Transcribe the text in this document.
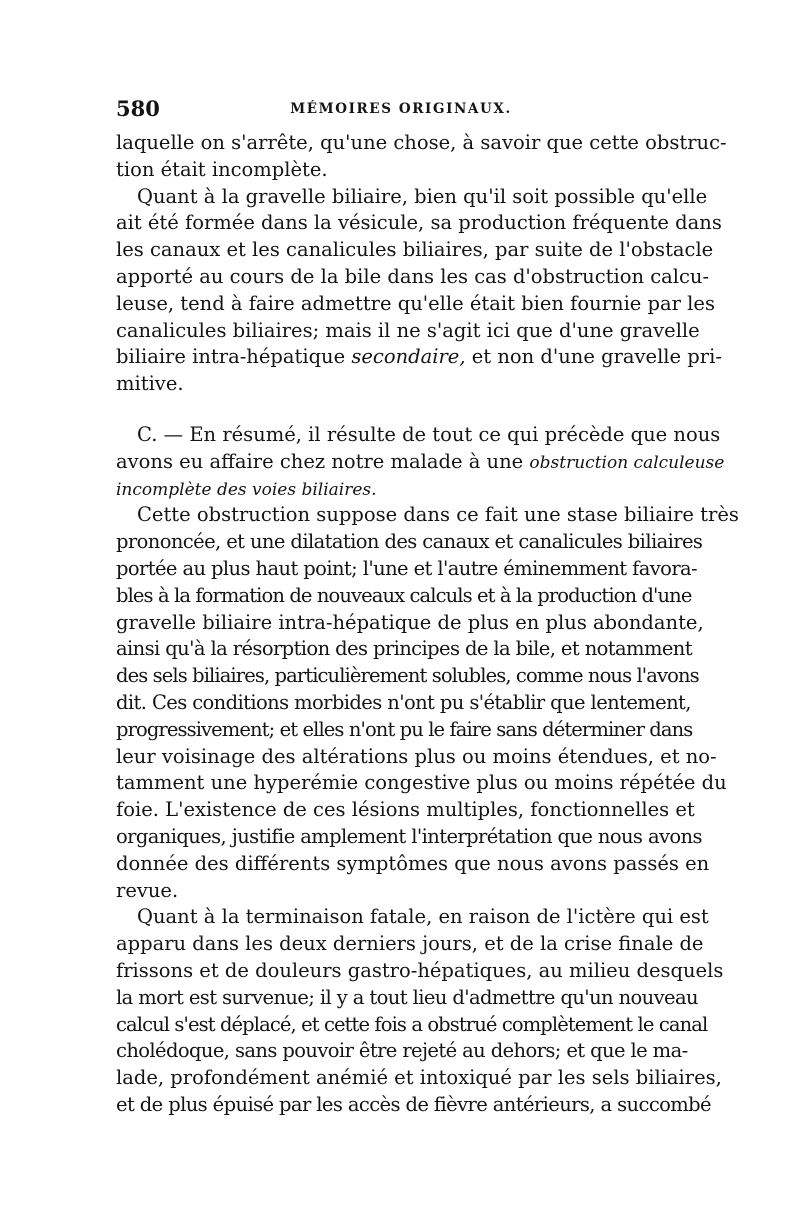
580	MÉMOIRES ORIGINAUX.
laquelle on s'arrête, qu'une chose, à savoir que cette obstruc-
tion était incomplète.
Quant à la gravelle biliaire, bien qu'il soit possible qu'elle
ait été formée dans la vésicule, sa production fréquente dans
les canaux et les canalicules biliaires, par suite de l'obstacle
apporté au cours de la bile dans les cas d'obstruction calcu-
leuse, tend à faire admettre qu'elle était bien fournie par les
canalicules biliaires; mais il ne s'agit ici que d'une gravelle
biliaire intra-hépatique secondaire, et non d'une gravelle pri-
mitive.
C. — En résumé, il résulte de tout ce qui précède que nous
avons eu affaire chez notre malade à une obstruction calculeuse
incomplète des voies biliaires.
Cette obstruction suppose dans ce fait une stase biliaire très
prononcée, et une dilatation des canaux et canalicules biliaires
portée au plus haut point; l'une et l'autre éminemment favora-
bles à la formation de nouveaux calculs et à la production d'une
gravelle biliaire intra-hépatique de plus en plus abondante,
ainsi qu'à la résorption des principes de la bile, et notamment
des sels biliaires, particulièrement solubles, comme nous l'avons
dit. Ces conditions morbides n'ont pu s'établir que lentement,
progressivement; et elles n'ont pu le faire sans déterminer dans
leur voisinage des altérations plus ou moins étendues, et no-
tamment une hyperémie congestive plus ou moins répétée du
foie. L'existence de ces lésions multiples, fonctionnelles et
organiques, justifie amplement l'interprétation que nous avons
donnée des différents symptômes que nous avons passés en
revue.
Quant à la terminaison fatale, en raison de l'ictère qui est
apparu dans les deux derniers jours, et de la crise finale de
frissons et de douleurs gastro-hépatiques, au milieu desquels
la mort est survenue; il y a tout lieu d'admettre qu'un nouveau
calcul s'est déplacé, et cette fois a obstrué complètement le canal
cholédoque, sans pouvoir être rejeté au dehors; et que le ma-
lade, profondément anémié et intoxiqué par les sels biliaires,
et de plus épuisé par les accès de fièvre antérieurs, a succombé
